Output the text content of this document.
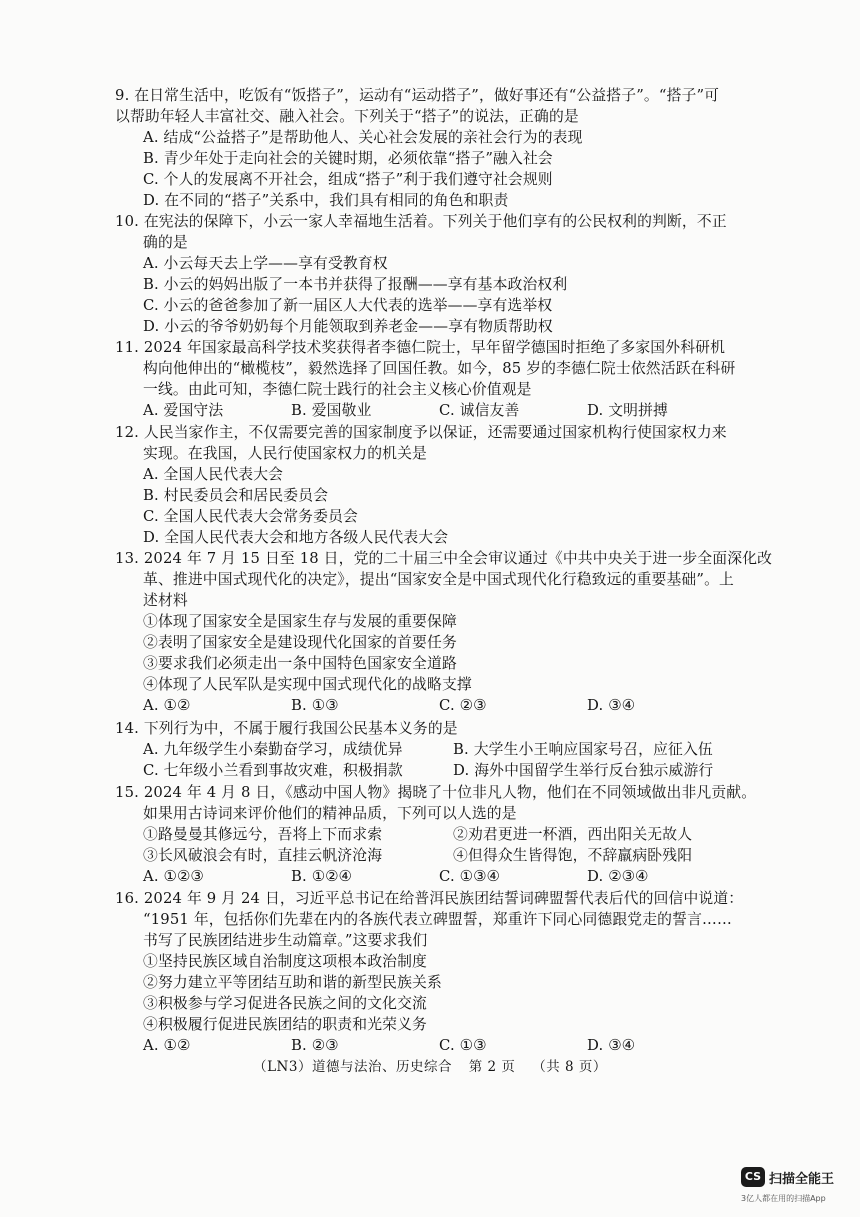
9. 在日常生活中，吃饭有“饭搭子”，运动有“运动搭子”，做好事还有“公益搭子”。“搭子”可
以帮助年轻人丰富社交、融入社会。下列关于“搭子”的说法，正确的是
A. 结成“公益搭子”是帮助他人、关心社会发展的亲社会行为的表现
B. 青少年处于走向社会的关键时期，必须依靠“搭子”融入社会
C. 个人的发展离不开社会，组成“搭子”利于我们遵守社会规则
D. 在不同的“搭子”关系中，我们具有相同的角色和职责
10. 在宪法的保障下，小云一家人幸福地生活着。下列关于他们享有的公民权利的判断，不正
确的是
A. 小云每天去上学——享有受教育权
B. 小云的妈妈出版了一本书并获得了报酬——享有基本政治权利
C. 小云的爸爸参加了新一届区人大代表的选举——享有选举权
D. 小云的爷爷奶奶每个月能领取到养老金——享有物质帮助权
11. 2024 年国家最高科学技术奖获得者李德仁院士，早年留学德国时拒绝了多家国外科研机
构向他伸出的“橄榄枝”，毅然选择了回国任教。如今，85 岁的李德仁院士依然活跃在科研
一线。由此可知，李德仁院士践行的社会主义核心价值观是
A. 爱国守法	B. 爱国敬业	C. 诚信友善	D. 文明拼搏
12. 人民当家作主，不仅需要完善的国家制度予以保证，还需要通过国家机构行使国家权力来
实现。在我国，人民行使国家权力的机关是
A. 全国人民代表大会
B. 村民委员会和居民委员会
C. 全国人民代表大会常务委员会
D. 全国人民代表大会和地方各级人民代表大会
13. 2024 年 7 月 15 日至 18 日，党的二十届三中全会审议通过《中共中央关于进一步全面深化改
革、推进中国式现代化的决定》，提出“国家安全是中国式现代化行稳致远的重要基础”。上
述材料
①体现了国家安全是国家生存与发展的重要保障
②表明了国家安全是建设现代化国家的首要任务
③要求我们必须走出一条中国特色国家安全道路
④体现了人民军队是实现中国式现代化的战略支撑
A. ①②	B. ①③	C. ②③	D. ③④
14. 下列行为中，不属于履行我国公民基本义务的是
A. 九年级学生小秦勤奋学习，成绩优异	B. 大学生小王响应国家号召，应征入伍
C. 七年级小兰看到事故灾难，积极捐款	D. 海外中国留学生举行反台独示威游行
15. 2024 年 4 月 8 日，《感动中国人物》揭晓了十位非凡人物，他们在不同领域做出非凡贡献。
如果用古诗词来评价他们的精神品质，下列可以人选的是
①路曼曼其修远兮，吾将上下而求索	②劝君更进一杯酒，西出阳关无故人
③长风破浪会有时，直挂云帆济沧海	④但得众生皆得饱，不辞羸病卧残阳
A. ①②③	B. ①②④	C. ①③④	D. ②③④
16. 2024 年 9 月 24 日，习近平总书记在给普洱民族团结誓词碑盟誓代表后代的回信中说道：
“1951 年，包括你们先辈在内的各族代表立碑盟誓，郑重许下同心同德跟党走的誓言……
书写了民族团结进步生动篇章。”这要求我们
①坚持民族区域自治制度这项根本政治制度
②努力建立平等团结互助和谐的新型民族关系
③积极参与学习促进各民族之间的文化交流
④积极履行促进民族团结的职责和光荣义务
A. ①②	B. ②③	C. ①③	D. ③④
（LN3）道德与法治、历史综合 第 2 页 （共 8 页）
CS 扫描全能王
3亿人都在用的扫描App
